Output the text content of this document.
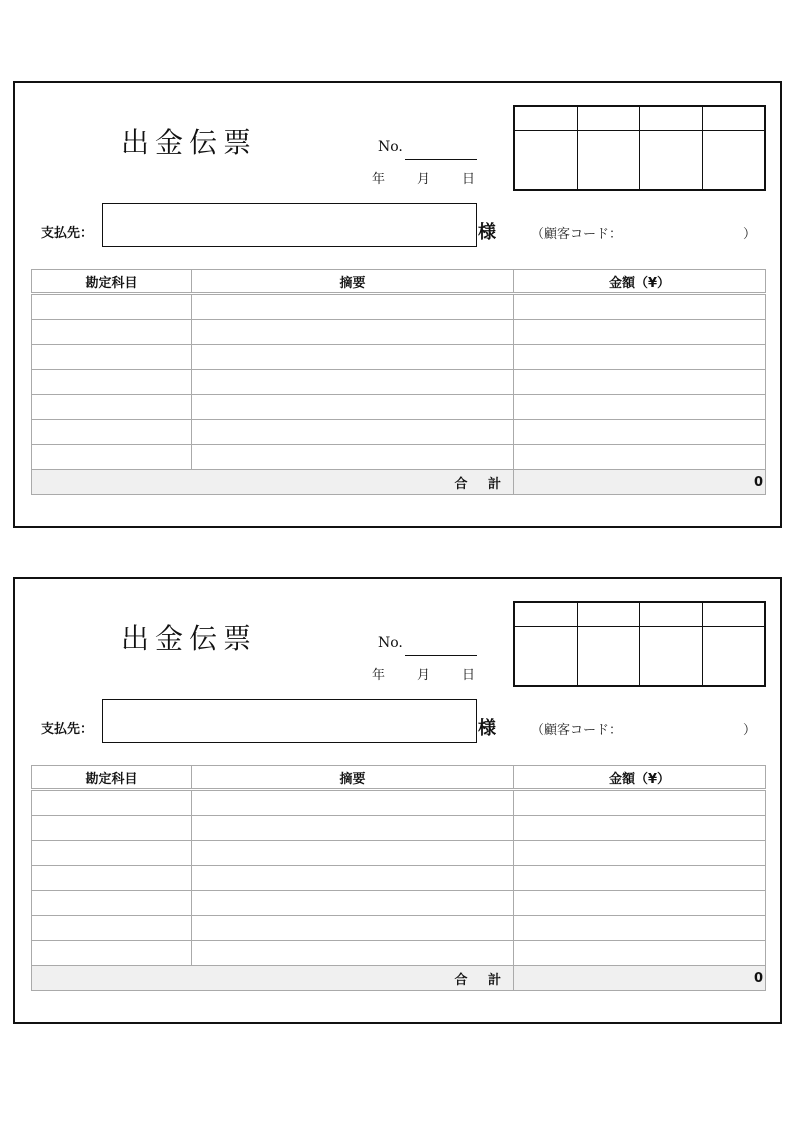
出金伝票	No.
年 月 日
支払先：	様	（顧客コード：	）
勘定科目	摘要	金額（¥）

合 計		0
出金伝票	No.
年 月 日
支払先：	様	（顧客コード：	）
勘定科目	摘要	金額（¥）

合 計		0
